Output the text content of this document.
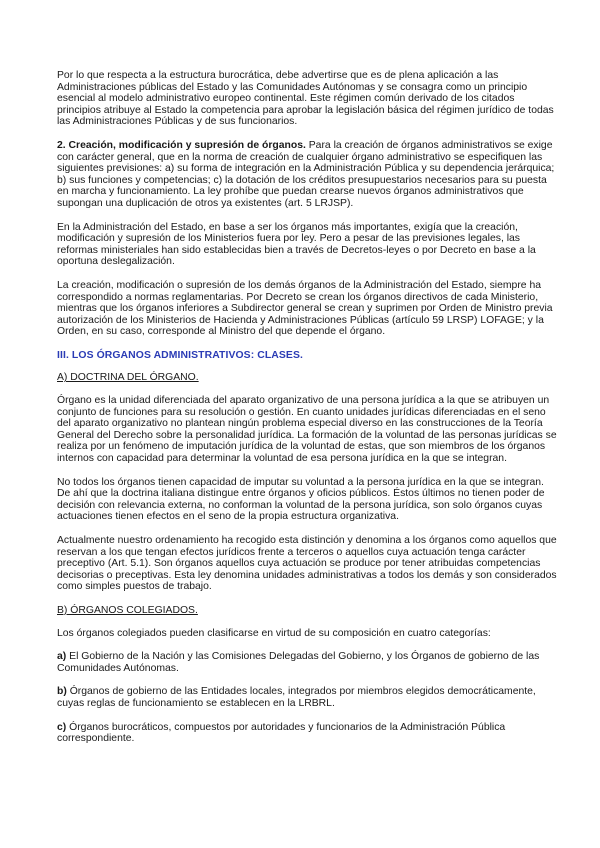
Por lo que respecta a la estructura burocrática, debe advertirse que es de plena aplicación a las Administraciones públicas del Estado y las Comunidades Autónomas y se consagra como un principio esencial al modelo administrativo europeo continental. Este régimen común derivado de los citados principios atribuye al Estado la competencia para aprobar la legislación básica del régimen jurídico de todas las Administraciones Públicas y de sus funcionarios.

2. Creación, modificación y supresión de órganos. Para la creación de órganos administrativos se exige con carácter general, que en la norma de creación de cualquier órgano administrativo se especifiquen las siguientes previsiones: a) su forma de integración en la Administración Pública y su dependencia jerárquica; b) sus funciones y competencias; c) la dotación de los créditos presupuestarios necesarios para su puesta en marcha y funcionamiento. La ley prohíbe que puedan crearse nuevos órganos administrativos que supongan una duplicación de otros ya existentes (art. 5 LRJSP).

En la Administración del Estado, en base a ser los órganos más importantes, exigía que la creación, modificación y supresión de los Ministerios fuera por ley. Pero a pesar de las previsiones legales, las reformas ministeriales han sido establecidas bien a través de Decretos-leyes o por Decreto en base a la oportuna deslegalización.

La creación, modificación o supresión de los demás órganos de la Administración del Estado, siempre ha correspondido a normas reglamentarias. Por Decreto se crean los órganos directivos de cada Ministerio, mientras que los órganos inferiores a Subdirector general se crean y suprimen por Orden de Ministro previa autorización de los Ministerios de Hacienda y Administraciones Públicas (artículo 59 LRSP) LOFAGE; y la Orden, en su caso, corresponde al Ministro del que depende el órgano.

III. LOS ÓRGANOS ADMINISTRATIVOS: CLASES.
A) DOCTRINA DEL ÓRGANO.

Órgano es la unidad diferenciada del aparato organizativo de una persona jurídica a la que se atribuyen un conjunto de funciones para su resolución o gestión. En cuanto unidades jurídicas diferenciadas en el seno del aparato organizativo no plantean ningún problema especial diverso en las construcciones de la Teoría General del Derecho sobre la personalidad jurídica. La formación de la voluntad de las personas jurídicas se realiza por un fenómeno de imputación jurídica de la voluntad de estas, que son miembros de los órganos internos con capacidad para determinar la voluntad de esa persona jurídica en la que se integran.

No todos los órganos tienen capacidad de imputar su voluntad a la persona jurídica en la que se integran. De ahí que la doctrina italiana distingue entre órganos y oficios públicos. Éstos últimos no tienen poder de decisión con relevancia externa, no conforman la voluntad de la persona jurídica, son solo órganos cuyas actuaciones tienen efectos en el seno de la propia estructura organizativa.

Actualmente nuestro ordenamiento ha recogido esta distinción y denomina a los órganos como aquellos que reservan a los que tengan efectos jurídicos frente a terceros o aquellos cuya actuación tenga carácter preceptivo (Art. 5.1). Son órganos aquellos cuya actuación se produce por tener atribuidas competencias decisorias o preceptivas. Esta ley denomina unidades administrativas a todos los demás y son considerados como simples puestos de trabajo.

B) ÓRGANOS COLEGIADOS.

Los órganos colegiados pueden clasificarse en virtud de su composición en cuatro categorías:

a) El Gobierno de la Nación y las Comisiones Delegadas del Gobierno, y los Órganos de gobierno de las Comunidades Autónomas.

b) Órganos de gobierno de las Entidades locales, integrados por miembros elegidos democráticamente, cuyas reglas de funcionamiento se establecen en la LRBRL.

c) Órganos burocráticos, compuestos por autoridades y funcionarios de la Administración Pública correspondiente.
